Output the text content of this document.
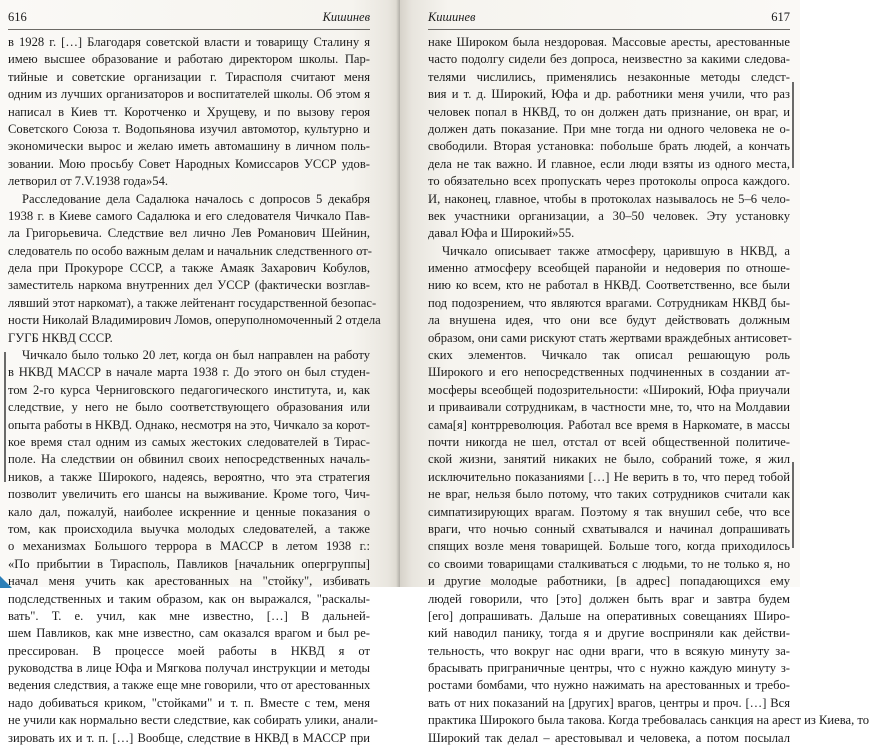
616	Кишинев
в 1928 г. […] Благодаря советской власти и товарищу Сталину я
имею высшее образование и работаю директором школы. Пар-
тийные и советские организации г. Тирасполя считают меня
одним из лучших организаторов и воспитателей школы. Об этом я
написал в Киев тт. Коротченко и Хрущеву, и по вызову героя
Советского Союза т. Водопьянова изучил автомотор, культурно и
экономически вырос и желаю иметь автомашину в личном поль-
зовании. Мою просьбу Совет Народных Комиссаров УССР удов-
летворил от 7.V.1938 года»54.
Расследование дела Садалюка началось с допросов 5 декабря
1938 г. в Киеве самого Садалюка и его следователя Чичкало Пав-
ла Григорьевича. Следствие вел лично Лев Романович Шейнин,
следователь по особо важным делам и начальник следственного от-
дела при Прокуроре СССР, а также Амаяк Захарович Кобулов,
заместитель наркома внутренних дел УССР (фактически возглав-
лявший этот наркомат), а также лейтенант государственной безопас-
ности Николай Владимирович Ломов, оперуполномоченный 2 отдела
ГУГБ НКВД СССР.
Чичкало было только 20 лет, когда он был направлен на работу
в НКВД МАССР в начале марта 1938 г. До этого он был студен-
том 2-го курса Черниговского педагогического института, и, как
следствие, у него не было соответствующего образования или
опыта работы в НКВД. Однако, несмотря на это, Чичкало за корот-
кое время стал одним из самых жестоких следователей в Тирас-
поле. На следствии он обвинил своих непосредственных началь-
ников, а также Широкого, надеясь, вероятно, что эта стратегия
позволит увеличить его шансы на выживание. Кроме того, Чич-
кало дал, пожалуй, наиболее искренние и ценные показания о
том, как происходила выучка молодых следователей, а также
о механизмах Большого террора в МАССР в летом 1938 г.:
«По прибытии в Тирасполь, Павликов [начальник опергруппы]
начал меня учить как арестованных на "стойку", избивать
подследственных и таким образом, как он выражался, "раскалы-
вать". Т. е. учил, как мне известно, […] В дальней-
шем Павликов, как мне известно, сам оказался врагом и был ре-
прессирован. В процессе моей работы в НКВД я от
руководства в лице Юфа и Мягкова получал инструкции и методы
ведения следствия, а также еще мне говорили, что от арестованных
надо добиваться криком, "стойками" и т. п. Вместе с тем, меня
не учили как нормально вести следствие, как собирать улики, анали-
зировать их и т. п. […] Вообще, следствие в НКВД в МАССР при
Кишинев	617
наке Широком была нездоровая. Массовые аресты, арестованные
часто подолгу сидели без допроса, неизвестно за какими следова-
телями числились, применялись незаконные методы следст-
вия и т. д. Широкий, Юфа и др. работники меня учили, что раз
человек попал в НКВД, то он должен дать признание, он враг, и
должен дать показание. При мне тогда ни одного человека не о-
свободили. Вторая установка: побольше брать людей, а кончать
дела не так важно. И главное, если люди взяты из одного места,
то обязательно всех пропускать через протоколы опроса каждого.
И, наконец, главное, чтобы в протоколах называлось не 5–6 чело-
век участники организации, а 30–50 человек. Эту установку
давал Юфа и Широкий»55.
Чичкало описывает также атмосферу, царившую в НКВД, а
именно атмосферу всеобщей паранойи и недоверия по отноше-
нию ко всем, кто не работал в НКВД. Соответственно, все были
под подозрением, что являются врагами. Сотрудникам НКВД бы-
ла внушена идея, что они все будут действовать должным
образом, они сами рискуют стать жертвами враждебных антисовет-
ских элементов. Чичкало так описал решающую роль
Широкого и его непосредственных подчиненных в создании ат-
мосферы всеобщей подозрительности: «Широкий, Юфа приучали
и приваивали сотрудникам, в частности мне, то, что на Молдавии
сама[я] контрреволюция. Работал все время в Наркомате, в массы
почти никогда не шел, отстал от всей общественной политиче-
ской жизни, занятий никаких не было, собраний тоже, я жил
исключительно показаниями […] Не верить в то, что перед тобой
не враг, нельзя было потому, что таких сотрудников считали как
симпатизирующих врагам. Поэтому я так внушил себе, что все
враги, что ночью сонный схватывался и начинал допрашивать
спящих возле меня товарищей. Больше того, когда приходилось
со своими товарищами сталкиваться с людьми, то не только я, но
и другие молодые работники, [в адрес] попадающихся ему
людей говорили, что [это] должен быть враг и завтра будем
[его] допрашивать. Дальше на оперативных совещаниях Широ-
кий наводил панику, тогда я и другие восприняли как действи-
тельность, что вокруг нас одни враги, что в всякую минуту за-
брасывать приграничные центры, что с нужно каждую минуту з-
ростами бомбами, что нужно нажимать на арестованных и требо-
вать от них показаний на [других] врагов, центры и проч. […] Вся
практика Широкого была такова. Когда требовалась санкция на арест из Киева, то
Широкий так делал – арестовывал и человека, а потом посылал
